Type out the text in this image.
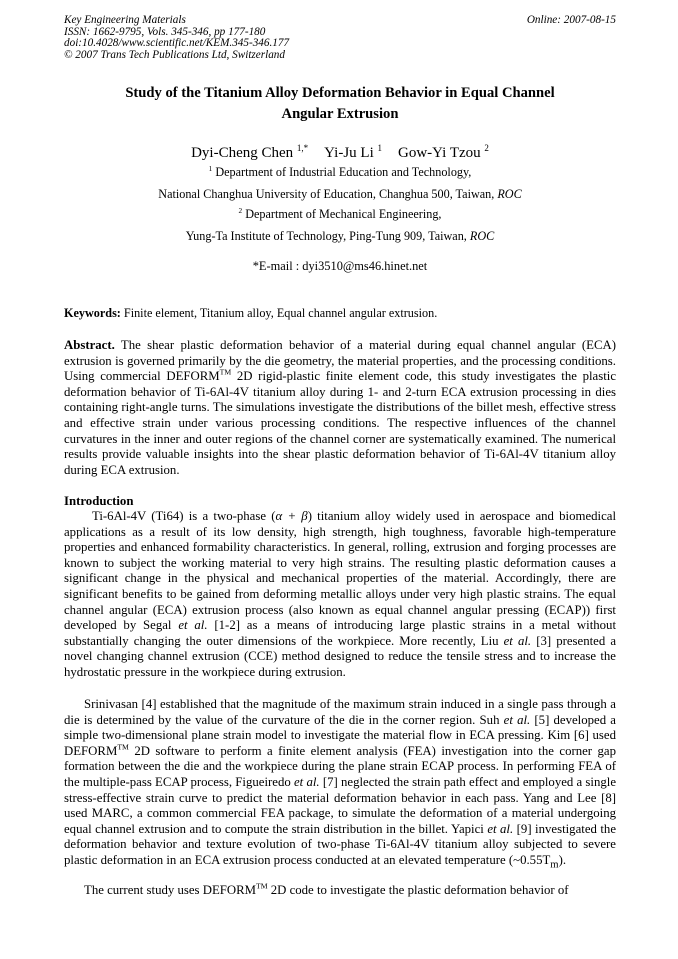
Key Engineering Materials	Online: 2007-08-15
ISSN: 1662-9795, Vols. 345-346, pp 177-180
doi:10.4028/www.scientific.net/KEM.345-346.177
© 2007 Trans Tech Publications Ltd, Switzerland
Study of the Titanium Alloy Deformation Behavior in Equal Channel
Angular Extrusion
Dyi-Cheng Chen $^{1,*}$ Yi-Ju Li $^1$ Gow-Yi Tzou $^2$
$^1$ Department of Industrial Education and Technology,
National Changhua University of Education, Changhua 500, Taiwan, ROC
$^2$ Department of Mechanical Engineering,
Yung-Ta Institute of Technology, Ping-Tung 909, Taiwan, ROC
*E-mail : dyi3510@ms46.hinet.net
Keywords: Finite element, Titanium alloy, Equal channel angular extrusion.
Abstract. The shear plastic deformation behavior of a material during equal channel angular (ECA) extrusion is governed primarily by the die geometry, the material properties, and the processing conditions. Using commercial DEFORM™ 2D rigid-plastic finite element code, this study investigates the plastic deformation behavior of Ti-6Al-4V titanium alloy during 1- and 2-turn ECA extrusion processing in dies containing right-angle turns. The simulations investigate the distributions of the billet mesh, effective stress and effective strain under various processing conditions. The respective influences of the channel curvatures in the inner and outer regions of the channel corner are systematically examined. The numerical results provide valuable insights into the shear plastic deformation behavior of Ti-6Al-4V titanium alloy during ECA extrusion.
Introduction
Ti-6Al-4V (Ti64) is a two-phase (α + β) titanium alloy widely used in aerospace and biomedical applications as a result of its low density, high strength, high toughness, favorable high-temperature properties and enhanced formability characteristics. In general, rolling, extrusion and forging processes are known to subject the working material to very high strains. The resulting plastic deformation causes a significant change in the physical and mechanical properties of the material. Accordingly, there are significant benefits to be gained from deforming metallic alloys under very high plastic strains. The equal channel angular (ECA) extrusion process (also known as equal channel angular pressing (ECAP)) first developed by Segal et al. [1-2] as a means of introducing large plastic strains in a metal without substantially changing the outer dimensions of the workpiece. More recently, Liu et al. [3] presented a novel changing channel extrusion (CCE) method designed to reduce the tensile stress and to increase the hydrostatic pressure in the workpiece during extrusion.
Srinivasan [4] established that the magnitude of the maximum strain induced in a single pass through a die is determined by the value of the curvature of the die in the corner region. Suh et al. [5] developed a simple two-dimensional plane strain model to investigate the material flow in ECA pressing. Kim [6] used DEFORM™ 2D software to perform a finite element analysis (FEA) investigation into the corner gap formation between the die and the workpiece during the plane strain ECAP process. In performing FEA of the multiple-pass ECAP process, Figueiredo et al. [7] neglected the strain path effect and employed a single stress-effective strain curve to predict the material deformation behavior in each pass. Yang and Lee [8] used MARC, a common commercial FEA package, to simulate the deformation of a material undergoing equal channel extrusion and to compute the strain distribution in the billet. Yapici et al. [9] investigated the deformation behavior and texture evolution of two-phase Ti-6Al-4V titanium alloy subjected to severe plastic deformation in an ECA extrusion process conducted at an elevated temperature $(\sim 0.55T_m)$.
The current study uses DEFORM™ 2D code to investigate the plastic deformation behavior of
